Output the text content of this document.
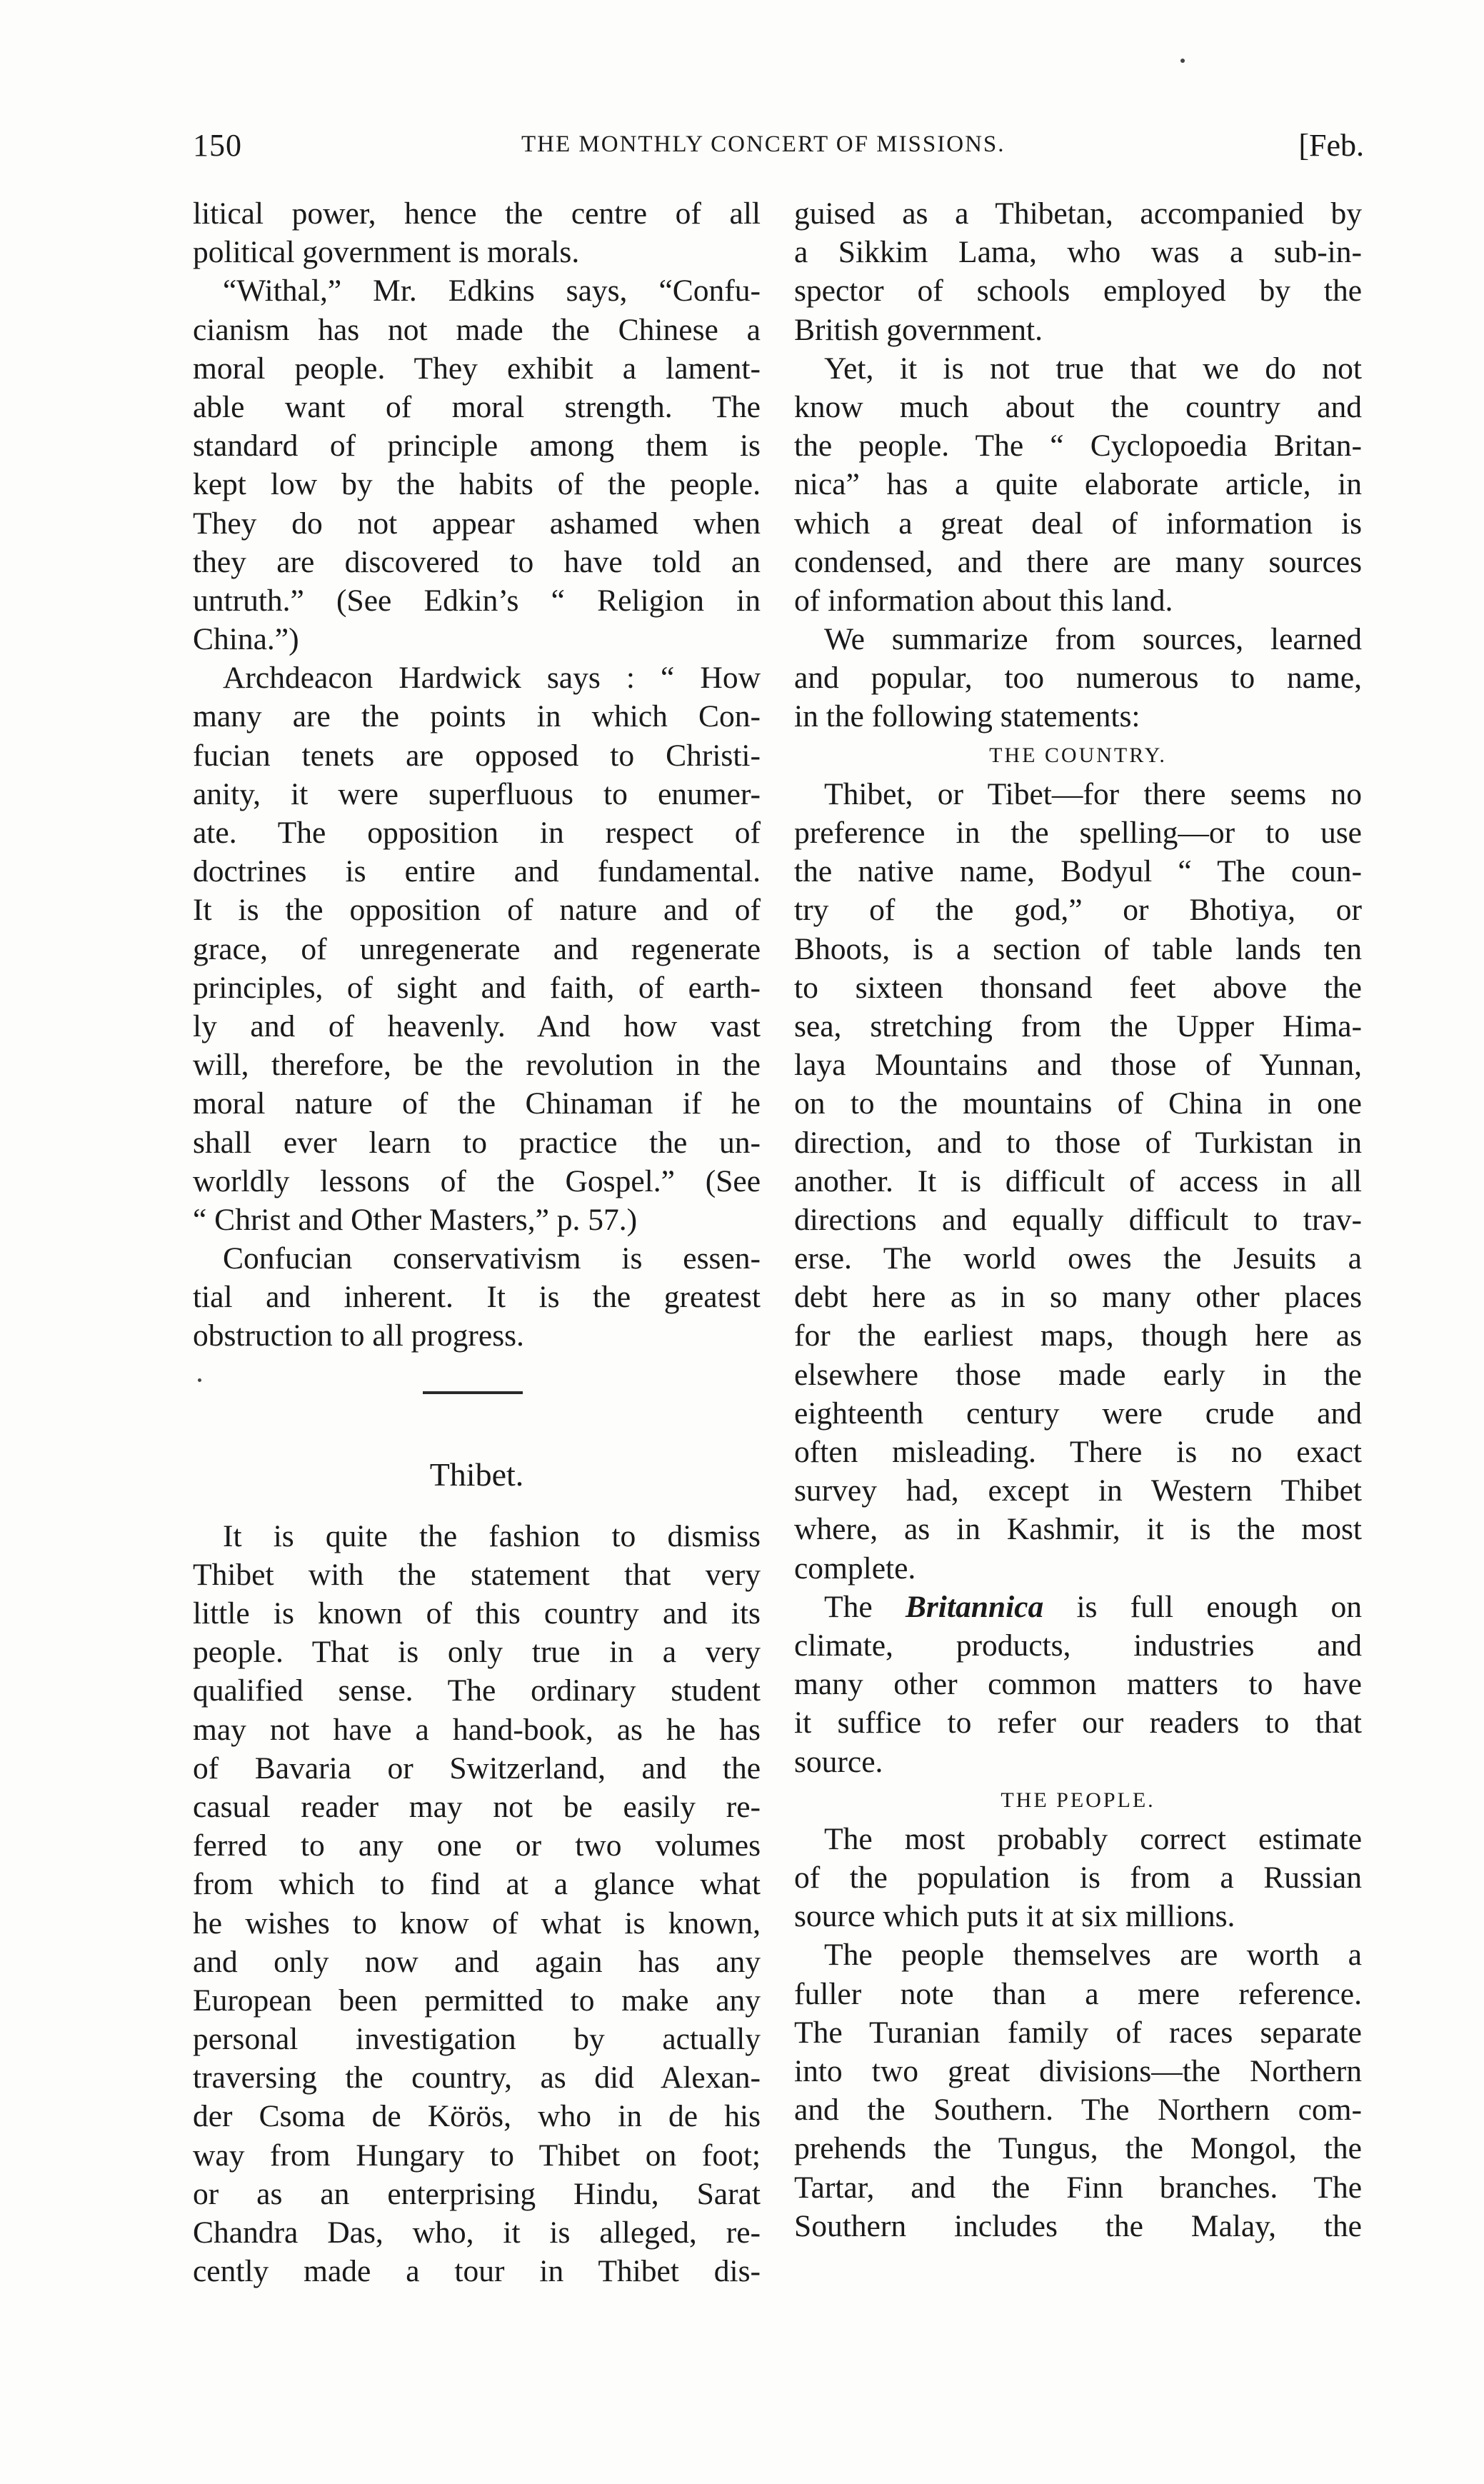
150	THE MONTHLY CONCERT OF MISSIONS.	[Feb.
litical power, hence the centre of all
political government is morals.
“Withal,” Mr. Edkins says, “Confu-
cianism has not made the Chinese a
moral people. They exhibit a lament-
able want of moral strength. The
standard of principle among them is
kept low by the habits of the people.
They do not appear ashamed when
they are discovered to have told an
untruth.” (See Edkin’s “ Religion in
China.”)
Archdeacon Hardwick says : “ How
many are the points in which Con-
fucian tenets are opposed to Christi-
anity, it were superfluous to enumer-
ate. The opposition in respect of
doctrines is entire and fundamental.
It is the opposition of nature and of
grace, of unregenerate and regenerate
principles, of sight and faith, of earth-
ly and of heavenly. And how vast
will, therefore, be the revolution in the
moral nature of the Chinaman if he
shall ever learn to practice the un-
worldly lessons of the Gospel.” (See
“ Christ and Other Masters,” p. 57.)
Confucian conservativism is essen-
tial and inherent. It is the greatest
obstruction to all progress.
Thibet.
It is quite the fashion to dismiss
Thibet with the statement that very
little is known of this country and its
people. That is only true in a very
qualified sense. The ordinary student
may not have a hand-book, as he has
of Bavaria or Switzerland, and the
casual reader may not be easily re-
ferred to any one or two volumes
from which to find at a glance what
he wishes to know of what is known,
and only now and again has any
European been permitted to make any
personal investigation by actually
traversing the country, as did Alexan-
der Csoma de Körös, who in de his
way from Hungary to Thibet on foot;
or as an enterprising Hindu, Sarat
Chandra Das, who, it is alleged, re-
cently made a tour in Thibet dis-
guised as a Thibetan, accompanied by
a Sikkim Lama, who was a sub-in-
spector of schools employed by the
British government.
Yet, it is not true that we do not
know much about the country and
the people. The “ Cyclopoedia Britan-
nica” has a quite elaborate article, in
which a great deal of information is
condensed, and there are many sources
of information about this land.
We summarize from sources, learned
and popular, too numerous to name,
in the following statements:
THE COUNTRY.
Thibet, or Tibet—for there seems no
preference in the spelling—or to use
the native name, Bodyul “ The coun-
try of the god,” or Bhotiya, or
Bhoots, is a section of table lands ten
to sixteen thonsand feet above the
sea, stretching from the Upper Hima-
laya Mountains and those of Yunnan,
on to the mountains of China in one
direction, and to those of Turkistan in
another. It is difficult of access in all
directions and equally difficult to trav-
erse. The world owes the Jesuits a
debt here as in so many other places
for the earliest maps, though here as
elsewhere those made early in the
eighteenth century were crude and
often misleading. There is no exact
survey had, except in Western Thibet
where, as in Kashmir, it is the most
complete.
The Britannica is full enough on
climate, products, industries and
many other common matters to have
it suffice to refer our readers to that
source.
THE PEOPLE.
The most probably correct estimate
of the population is from a Russian
source which puts it at six millions.
The people themselves are worth a
fuller note than a mere reference.
The Turanian family of races separate
into two great divisions—the Northern
and the Southern. The Northern com-
prehends the Tungus, the Mongol, the
Tartar, and the Finn branches. The
Southern includes the Malay, the
